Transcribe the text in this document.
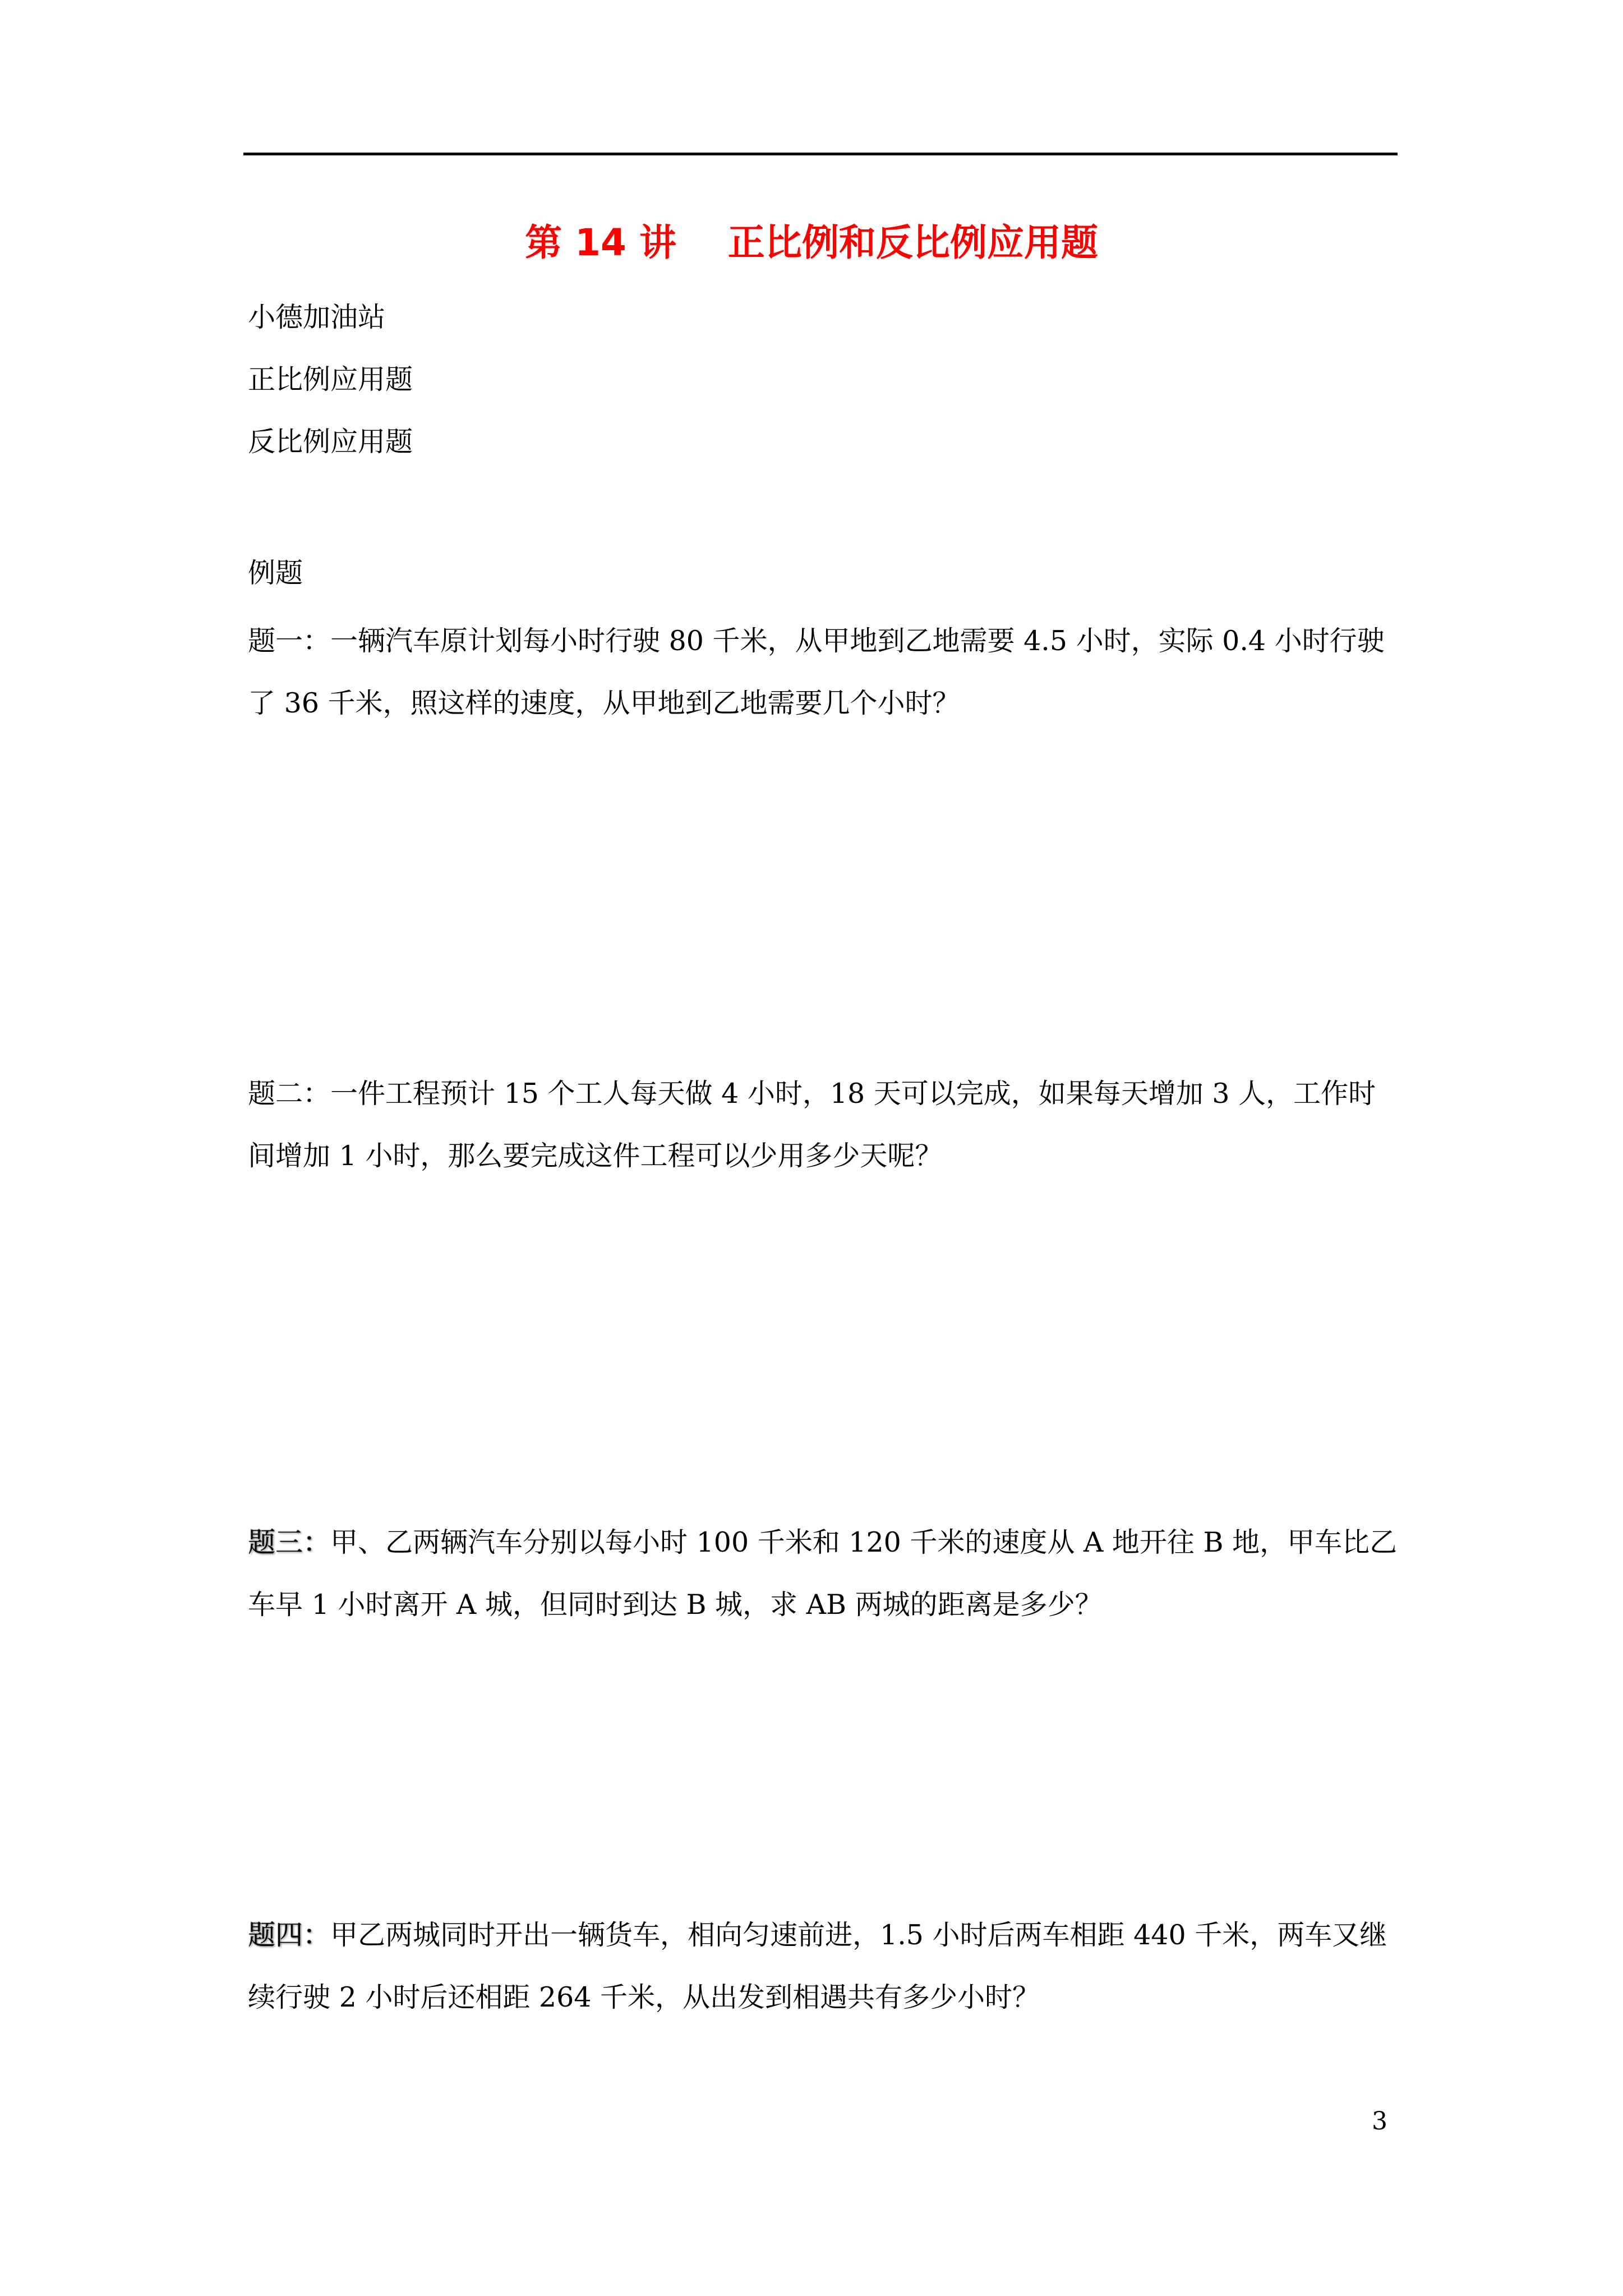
第 14 讲    正比例和反比例应用题
小德加油站
正比例应用题
反比例应用题
例题
题一：一辆汽车原计划每小时行驶 80 千米，从甲地到乙地需要 4.5 小时，实际 0.4 小时行驶了 36 千米，照这样的速度，从甲地到乙地需要几个小时？
题二：一件工程预计 15 个工人每天做 4 小时，18 天可以完成，如果每天增加 3 人，工作时间增加 1 小时，那么要完成这件工程可以少用多少天呢？
题三：甲、乙两辆汽车分别以每小时 100 千米和 120 千米的速度从 A 地开往 B 地，甲车比乙车早 1 小时离开 A 城，但同时到达 B 城，求 AB 两城的距离是多少？
题四：甲乙两城同时开出一辆货车，相向匀速前进，1.5 小时后两车相距 440 千米，两车又继续行驶 2 小时后还相距 264 千米，从出发到相遇共有多少小时？
3
